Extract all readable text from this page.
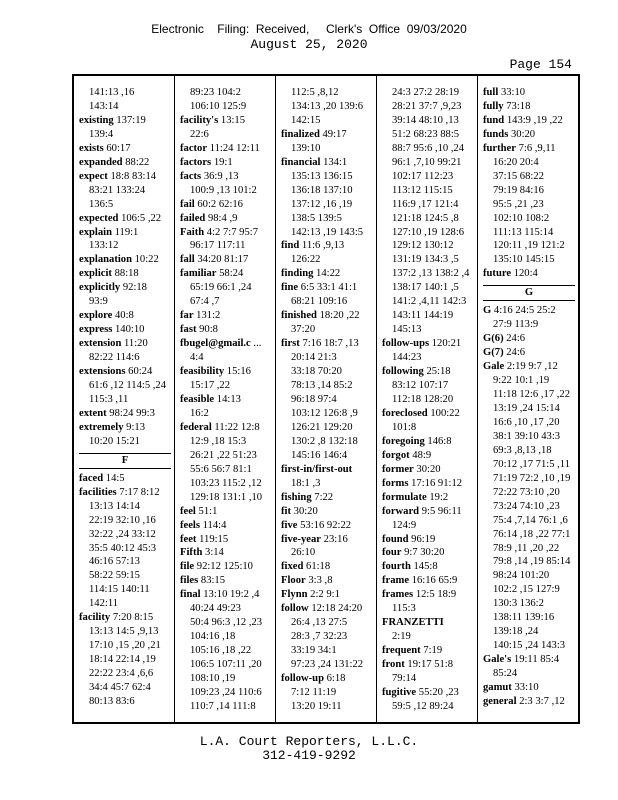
Electronic    Filing:  Received,     Clerk's  Office  09/03/2020
August 25, 2020
Page 154
141:13 ,16
143:14
existing 137:19
139:4
exists 60:17
expanded 88:22
expect 18:8 83:14
83:21 133:24
136:5
expected 106:5 ,22
explain 119:1
133:12
explanation 10:22
explicit 88:18
explicitly 92:18
93:9
explore 40:8
express 140:10
extension 11:20
82:22 114:6
extensions 60:24
61:6 ,12 114:5 ,24
115:3 ,11
extent 98:24 99:3
extremely 9:13
10:20 15:21
F
faced 14:5
facilities 7:17 8:12
13:13 14:14
22:19 32:10 ,16
32:22 ,24 33:12
35:5 40:12 45:3
46:16 57:13
58:22 59:15
114:15 140:11
142:11
facility 7:20 8:15
13:13 14:5 ,9,13
17:10 ,15 ,20 ,21
18:14 22:14 ,19
22:22 23:4 ,6,6
34:4 45:7 62:4
80:13 83:6
89:23 104:2
106:10 125:9
facility's 13:15
22:6
factor 11:24 12:11
factors 19:1
facts 36:9 ,13
100:9 ,13 101:2
fail 60:2 62:16
failed 98:4 ,9
Faith 4:2 7:7 95:7
96:17 117:11
fall 34:20 81:17
familiar 58:24
65:19 66:1 ,24
67:4 ,7
far 131:2
fast 90:8
fbugel@gmail.c ...
4:4
feasibility 15:16
15:17 ,22
feasible 14:13
16:2
federal 11:22 12:8
12:9 ,18 15:3
26:21 ,22 51:23
55:6 56:7 81:1
103:23 115:2 ,12
129:18 131:1 ,10
feel 51:1
feels 114:4
feet 119:15
Fifth 3:14
file 92:12 125:10
files 83:15
final 13:10 19:2 ,4
40:24 49:23
50:4 96:3 ,12 ,23
104:16 ,18
105:16 ,18 ,22
106:5 107:11 ,20
108:10 ,19
109:23 ,24 110:6
110:7 ,14 111:8
112:5 ,8,12
134:13 ,20 139:6
142:15
finalized 49:17
139:10
financial 134:1
135:13 136:15
136:18 137:10
137:12 ,16 ,19
138:5 139:5
142:13 ,19 143:5
find 11:6 ,9,13
126:22
finding 14:22
fine 6:5 33:1 41:1
68:21 109:16
finished 18:20 ,22
37:20
first 7:16 18:7 ,13
20:14 21:3
33:18 70:20
78:13 ,14 85:2
96:18 97:4
103:12 126:8 ,9
126:21 129:20
130:2 ,8 132:18
145:16 146:4
first-in/first-out
18:1 ,3
fishing 7:22
fit 30:20
five 53:16 92:22
five-year 23:16
26:10
fixed 61:18
Floor 3:3 ,8
Flynn 2:2 9:1
follow 12:18 24:20
26:4 ,13 27:5
28:3 ,7 32:23
33:19 34:1
97:23 ,24 131:22
follow-up 6:18
7:12 11:19
13:20 19:11
24:3 27:2 28:19
28:21 37:7 ,9,23
39:14 48:10 ,13
51:2 68:23 88:5
88:7 95:6 ,10 ,24
96:1 ,7,10 99:21
102:17 112:23
113:12 115:15
116:9 ,17 121:4
121:18 124:5 ,8
127:10 ,19 128:6
129:12 130:12
131:19 134:3 ,5
137:2 ,13 138:2 ,4
138:17 140:1 ,5
141:2 ,4,11 142:3
143:11 144:19
145:13
follow-ups 120:21
144:23
following 25:18
83:12 107:17
112:18 128:20
foreclosed 100:22
101:8
foregoing 146:8
forgot 48:9
former 30:20
forms 17:16 91:12
formulate 19:2
forward 9:5 96:11
124:9
found 96:19
four 9:7 30:20
fourth 145:8
frame 16:16 65:9
frames 12:5 18:9
115:3
FRANZETTI
2:19
frequent 7:19
front 19:17 51:8
79:14
fugitive 55:20 ,23
59:5 ,12 89:24
full 33:10
fully 73:18
fund 143:9 ,19 ,22
funds 30:20
further 7:6 ,9,11
16:20 20:4
37:15 68:22
79:19 84:16
95:5 ,21 ,23
102:10 108:2
111:13 115:14
120:11 ,19 121:2
135:10 145:15
future 120:4
G
G 4:16 24:5 25:2
27:9 113:9
G(6) 24:6
G(7) 24:6
Gale 2:19 9:7 ,12
9:22 10:1 ,19
11:18 12:6 ,17 ,22
13:19 ,24 15:14
16:6 ,10 ,17 ,20
38:1 39:10 43:3
69:3 ,8,13 ,18
70:12 ,17 71:5 ,11
71:19 72:2 ,10 ,19
72:22 73:10 ,20
73:24 74:10 ,23
75:4 ,7,14 76:1 ,6
76:14 ,18 ,22 77:1
78:9 ,11 ,20 ,22
79:8 ,14 ,19 85:14
98:24 101:20
102:2 ,15 127:9
130:3 136:2
138:11 139:16
139:18 ,24
140:15 ,24 143:3
Gale's 19:11 85:4
85:24
gamut 33:10
general 2:3 3:7 ,12
L.A. Court Reporters, L.L.C.
312-419-9292
